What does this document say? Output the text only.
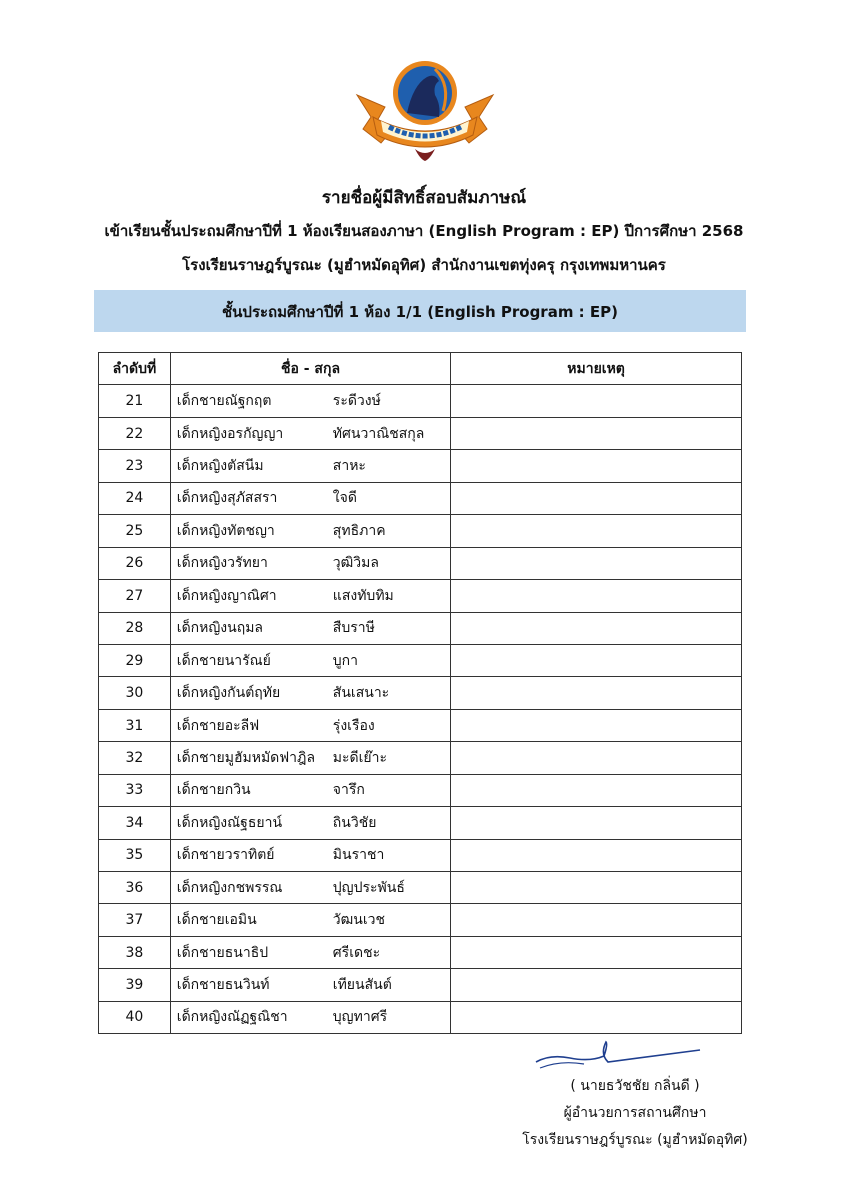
รายชื่อผู้มีสิทธิ์สอบสัมภาษณ์
เข้าเรียนชั้นประถมศึกษาปีที่ 1 ห้องเรียนสองภาษา (English Program : EP) ปีการศึกษา 2568
โรงเรียนราษฎร์บูรณะ (มูฮำหมัดอุทิศ) สำนักงานเขตทุ่งครุ กรุงเทพมหานคร
ชั้นประถมศึกษาปีที่ 1 ห้อง 1/1 (English Program : EP)
ลำดับที่	ชื่อ - สกุล	หมายเหตุ
21	เด็กชายณัฐกฤต ระดีวงษ์	
22	เด็กหญิงอรกัญญา ทัศนวาณิชสกุล	
23	เด็กหญิงตัสนีม สาหะ	
24	เด็กหญิงสุภัสสรา ใจดี	
25	เด็กหญิงทัตชญา สุทธิภาค	
26	เด็กหญิงวรัทยา วุฒิวิมล	
27	เด็กหญิงญาณิศา แสงทับทิม	
28	เด็กหญิงนฤมล สืบราษี	
29	เด็กชายนารัณย์ บูกา	
30	เด็กหญิงกันต์ฤทัย สันเสนาะ	
31	เด็กชายอะลีฟ รุ่งเรือง	
32	เด็กชายมูฮัมหมัดฟาฎิล มะดีเย๊าะ	
33	เด็กชายกวิน จารึก	
34	เด็กหญิงณัฐธยาน์ ถินวิชัย	
35	เด็กชายวราทิตย์ มินราชา	
36	เด็กหญิงกชพรรณ ปุญประพันธ์	
37	เด็กชายเอมิน วัฒนเวช	
38	เด็กชายธนาธิป ศรีเดชะ	
39	เด็กชายธนวินท์ เทียนสันต์	
40	เด็กหญิงณัฏฐณิชา บุญทาศรี	
( นายธวัชชัย กลิ่นดี )
ผู้อำนวยการสถานศึกษา
โรงเรียนราษฎร์บูรณะ (มูฮำหมัดอุทิศ)
